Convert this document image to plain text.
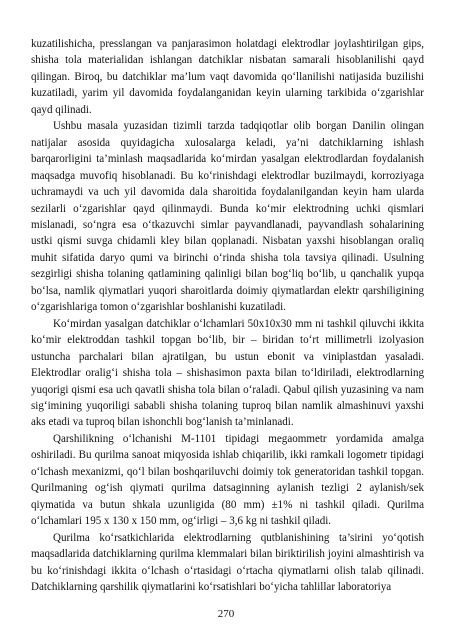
kuzatilishicha, presslangan va panjarasimon holatdagi elektrodlar joylashtirilgan gips, shisha tola materialidan ishlangan datchiklar nisbatan samarali hisoblanilishi qayd qilingan. Biroq, bu datchiklar ma’lum vaqt davomida qo‘llanilishi natijasida buzilishi kuzatiladi, yarim yil davomida foydalanganidan keyin ularning tarkibida o‘zgarishlar qayd qilinadi.

Ushbu masala yuzasidan tizimli tarzda tadqiqotlar olib borgan Danilin olingan natijalar asosida quyidagicha xulosalarga keladi, ya’ni datchiklarning ishlash barqarorligini ta’minlash maqsadlarida ko‘mirdan yasalgan elektrodlardan foydalanish maqsadga muvofiq hisoblanadi. Bu ko‘rinishdagi elektrodlar buzilmaydi, korroziyaga uchramaydi va uch yil davomida dala sharoitida foydalanilgandan keyin ham ularda sezilarli o‘zgarishlar qayd qilinmaydi. Bunda ko‘mir elektrodning uchki qismlari mislanadi, so‘ngra esa o‘tkazuvchi simlar payvandlanadi, payvandlash sohalarining ustki qismi suvga chidamli kley bilan qoplanadi. Nisbatan yaxshi hisoblangan oraliq muhit sifatida daryo qumi va birinchi o‘rinda shisha tola tavsiya qilinadi. Usulning sezgirligi shisha tolaning qatlamining qalinligi bilan bog‘liq bo‘lib, u qanchalik yupqa bo‘lsa, namlik qiymatlari yuqori sharoitlarda doimiy qiymatlardan elektr qarshiligining o‘zgarishlariga tomon o‘zgarishlar boshlanishi kuzatiladi.

Ko‘mirdan yasalgan datchiklar o‘lchamlari 50x10x30 mm ni tashkil qiluvchi ikkita ko‘mir elektroddan tashkil topgan bo‘lib, bir – biridan to‘rt millimetrli izolyasion ustuncha parchalari bilan ajratilgan, bu ustun ebonit va viniplastdan yasaladi. Elektrodlar oralig‘i shisha tola – shishasimon paxta bilan to‘ldiriladi, elektrodlarning yuqorigi qismi esa uch qavatli shisha tola bilan o‘raladi. Qabul qilish yuzasining va nam sig‘imining yuqoriligi sababli shisha tolaning tuproq bilan namlik almashinuvi yaxshi aks etadi va tuproq bilan ishonchli bog‘lanish ta’minlanadi.

Qarshilikning o‘lchanishi M-1101 tipidagi megaommetr yordamida amalga oshiriladi. Bu qurilma sanoat miqyosida ishlab chiqarilib, ikki ramkali logometr tipidagi o‘lchash mexanizmi, qo‘l bilan boshqariluvchi doimiy tok generatoridan tashkil topgan. Qurilmaning og‘ish qiymati qurilma datsaginning aylanish tezligi 2 aylanish/sek qiymatida va butun shkala uzunligida (80 mm) ±1% ni tashkil qiladi. Qurilma o‘lchamlari 195 x 130 x 150 mm, og‘irligi – 3,6 kg ni tashkil qiladi.

Qurilma ko‘rsatkichlarida elektrodlarning qutblanishining ta’sirini yo‘qotish maqsadlarida datchiklarning qurilma klemmalari bilan biriktirilish joyini almashtirish va bu ko‘rinishdagi ikkita o‘lchash o‘rtasidagi o‘rtacha qiymatlarni olish talab qilinadi. Datchiklarning qarshilik qiymatlarini ko‘rsatishlari bo‘yicha tahlillar laboratoriya

270
